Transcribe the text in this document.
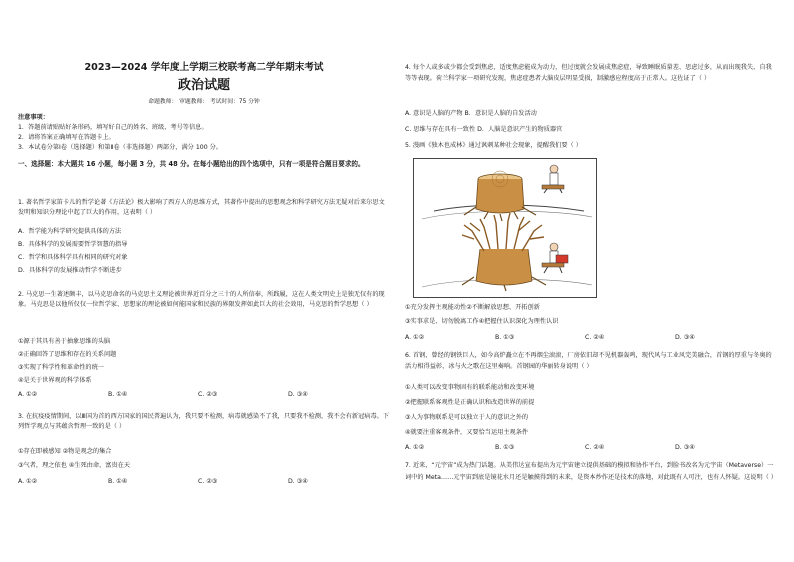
2023—2024 学年度上学期三校联考高二学年期末考试
政治试题
命题教师： 审题教师： 考试时间：75 分钟
注意事项：
1．答题前请贴贴好条形码，填写好自己的姓名、班级、考号等信息。
2．请将答案正确填写在答题卡上。
3．本试卷分第Ⅰ卷（选择题）和第Ⅱ卷（非选择题）两部分，满分 100 分。
一、选择题：本大题共 16 小题，每小题 3 分，共 48 分。在每小题给出的四个选项中，只有一项是符合题目要求的。
1. 著名哲学家笛卡儿的哲学论著《方法论》极大影响了西方人的思维方式，其著作中提出的思想观念和科学研究方法无疑对后来尔思文发明和知识分理论中起了巨大的作用，这表明（ ）
A．哲学能为科学研究提供具体的方法
B．具体科学的发展需要哲学智慧的指导
C．哲学和具体科学具有相同的研究对象
D．具体科学的发展推动哲学不断进步
2. 马克思一生著述颇丰，以马克思命名的马克思主义理论被世界近百分之三十的人所信奉，所践履，这在人类文明史上是独无仅有的现象。马克思是以他所仅仅一位哲学家、思想家的理论被如何能国家和民族的界限发挥如此巨大的社会效用，马克思的哲学思想（ ）
①源于其具有善于抽象思维的头脑
②正确回答了思维和存在的关系问题
③实现了科学性和革命性的统一
④是关于世界观的科学体系
A. ①②	B. ①④	C. ②③	D. ③④
3. 在抗疫疫情期间，以Ⅲ国为首的西方国家的国民普遍认为，我只要不检测，病毒就感染不了我，只要我不检测，我不会有新冠病毒。下列哲学观点与其蕴含哲理一致的是（ ）
①存在即被感知 ②物是观念的集合
③气者，理之依也 ④生死由命，富贵在天
A. ①②	B. ①④	C. ②③	D. ③④
4. 每个人或多或少都会受到焦虑，适度焦虑能成为动力，但过度就会发展成焦虑症，导致睡眠质量差、思虑过多，从而出现我失、自我等等表现。荷兰科学家一项研究发现，焦虑症患者大脑皮层明显受损，制激感应程度高于正常人。这佐证了（ ）
A. 意识是人脑的产物 B．意识是人脑的自发活动
C. 思维与存在具有一致性 D．人脑是意识产生的物质器官
5. 漫画《独木也成林》通过讽刺某种社会现象，提醒我们要（ ）
①充分发挥主观能动性②不断解放思想、开拓创新
③实事求是、切勿脱离工作④把握住认识深化为理性认识
A. ①②	B. ①③	C. ②④	D. ③④
6. 首钢，曾经的钢铁巨人，如今高炉矗立在不再烟尘滚滚，厂房依旧却不见机器轰鸣，现代风与工业风完美融合，首钢的厚重与冬奥的活力相得益彰，冰与火之歌在这里奏响。首钢园的华丽转身说明（ ）
①人类可以改变事物固有的联系能动和改变环境
②把握联系客观性是正确认识和改造世界的前提
③人为事物联系是可以独立于人的意识之外的
④就要注重客观条件，又要恰当运用主观条件
A. ①②	B. ①③	C. ②④	D. ③④
7. 近来，“元宇宙”成为热门话题。从美伟达宣布提出为元宇宙建立提供基础的模拟和协作平台，到脸书改名为元宇宙（Metaverse）一词中的 Meta……元宇宙到底是镜花水月还是触摸得到的未来，是资本炒作还是技术的落地，对此既有人可注，也有人怀疑。这说明（ ）
